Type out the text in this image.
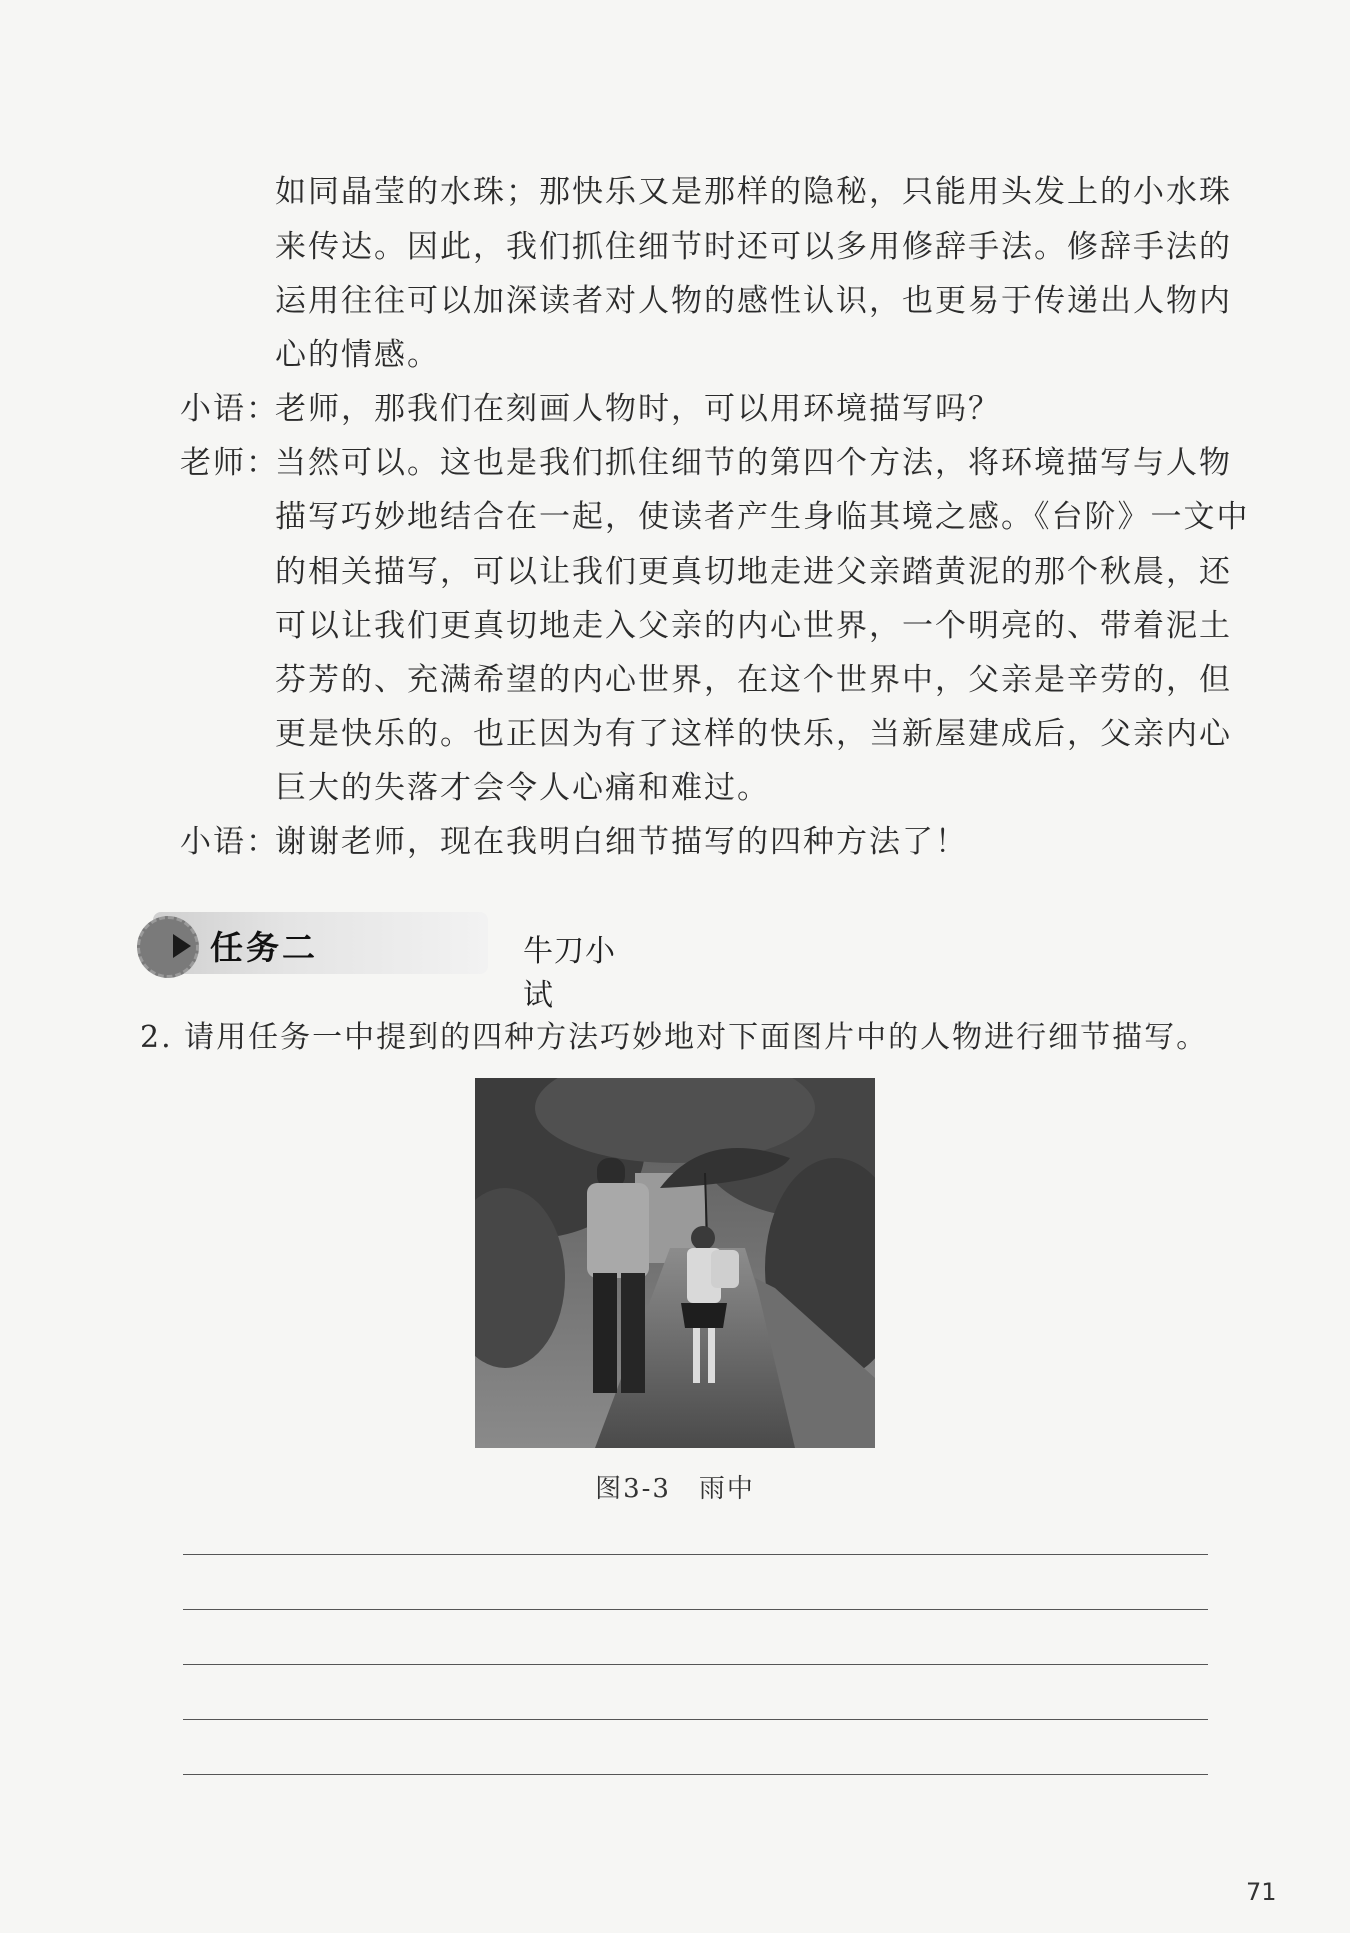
如同晶莹的水珠；那快乐又是那样的隐秘，只能用头发上的小水珠
来传达。因此，我们抓住细节时还可以多用修辞手法。修辞手法的
运用往往可以加深读者对人物的感性认识，也更易于传递出人物内
心的情感。
小语：
老师，那我们在刻画人物时，可以用环境描写吗？
老师：
当然可以。这也是我们抓住细节的第四个方法，将环境描写与人物
描写巧妙地结合在一起，使读者产生身临其境之感。《台阶》一文中
的相关描写，可以让我们更真切地走进父亲踏黄泥的那个秋晨，还
可以让我们更真切地走入父亲的内心世界，一个明亮的、带着泥土
芬芳的、充满希望的内心世界，在这个世界中，父亲是辛劳的，但
更是快乐的。也正因为有了这样的快乐，当新屋建成后，父亲内心
巨大的失落才会令人心痛和难过。
小语：
谢谢老师，现在我明白细节描写的四种方法了！
任务二	牛刀小试
2. 请用任务一中提到的四种方法巧妙地对下面图片中的人物进行细节描写。
图3-3　雨中
71
